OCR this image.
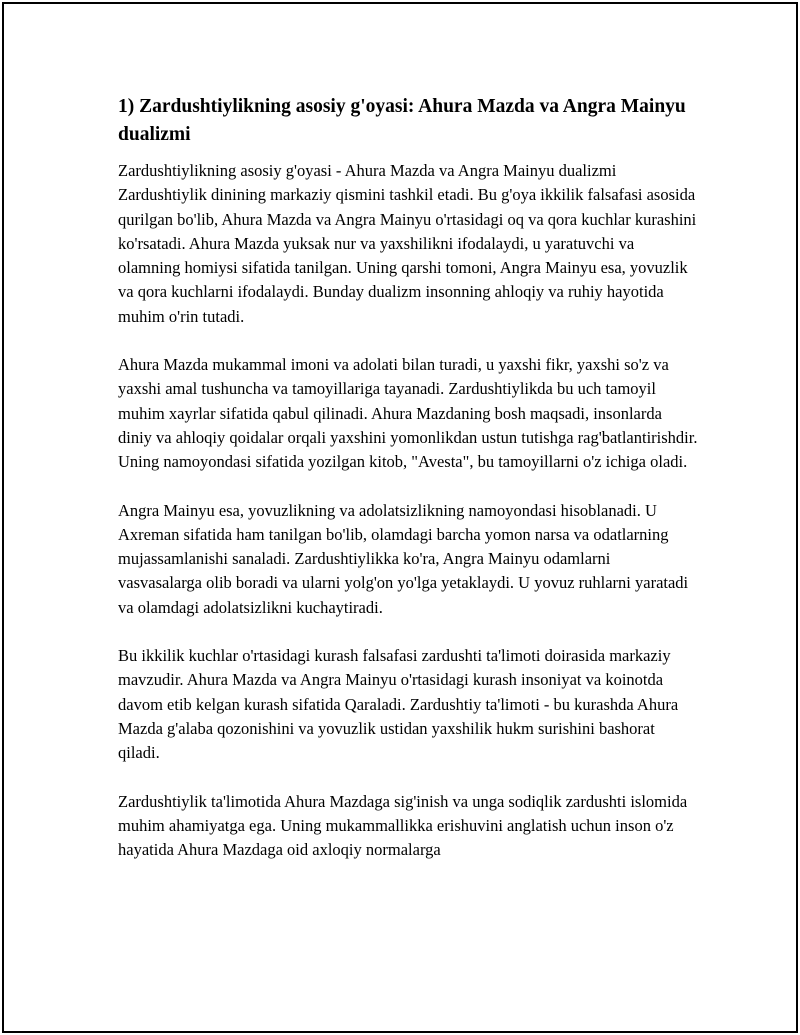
1) Zardushtiylikning asosiy g'oyasi: Ahura Mazda va Angra Mainyu dualizmi

Zardushtiylikning asosiy g'oyasi - Ahura Mazda va Angra Mainyu dualizmi Zardushtiylik dinining markaziy qismini tashkil etadi. Bu g'oya ikkilik falsafasi asosida qurilgan bo'lib, Ahura Mazda va Angra Mainyu o'rtasidagi oq va qora kuchlar kurashini ko'rsatadi. Ahura Mazda yuksak nur va yaxshilikni ifodalaydi, u yaratuvchi va olamning homiysi sifatida tanilgan. Uning qarshi tomoni, Angra Mainyu esa, yovuzlik va qora kuchlarni ifodalaydi. Bunday dualizm insonning ahloqiy va ruhiy hayotida muhim o'rin tutadi.

Ahura Mazda mukammal imoni va adolati bilan turadi, u yaxshi fikr, yaxshi so'z va yaxshi amal tushuncha va tamoyillariga tayanadi. Zardushtiylikda bu uch tamoyil muhim xayrlar sifatida qabul qilinadi. Ahura Mazdaning bosh maqsadi, insonlarda diniy va ahloqiy qoidalar orqali yaxshini yomonlikdan ustun tutishga rag'batlantirishdir. Uning namoyondasi sifatida yozilgan kitob, "Avesta", bu tamoyillarni o'z ichiga oladi.

Angra Mainyu esa, yovuzlikning va adolatsizlikning namoyondasi hisoblanadi. U Axreman sifatida ham tanilgan bo'lib, olamdagi barcha yomon narsa va odatlarning mujassamlanishi sanaladi. Zardushtiylikka ko'ra, Angra Mainyu odamlarni vasvasalarga olib boradi va ularni yolg'on yo'lga yetaklaydi. U yovuz ruhlarni yaratadi va olamdagi adolatsizlikni kuchaytiradi.

Bu ikkilik kuchlar o'rtasidagi kurash falsafasi zardushti ta'limoti doirasida markaziy mavzudir. Ahura Mazda va Angra Mainyu o'rtasidagi kurash insoniyat va koinotda davom etib kelgan kurash sifatida Qaraladi. Zardushtiy ta'limoti - bu kurashda Ahura Mazda g'alaba qozonishini va yovuzlik ustidan yaxshilik hukm surishini bashorat qiladi.

Zardushtiylik ta'limotida Ahura Mazdaga sig'inish va unga sodiqlik zardushti islomida muhim ahamiyatga ega. Uning mukammallikka erishuvini anglatish uchun inson o'z hayatida Ahura Mazdaga oid axloqiy normalarga
